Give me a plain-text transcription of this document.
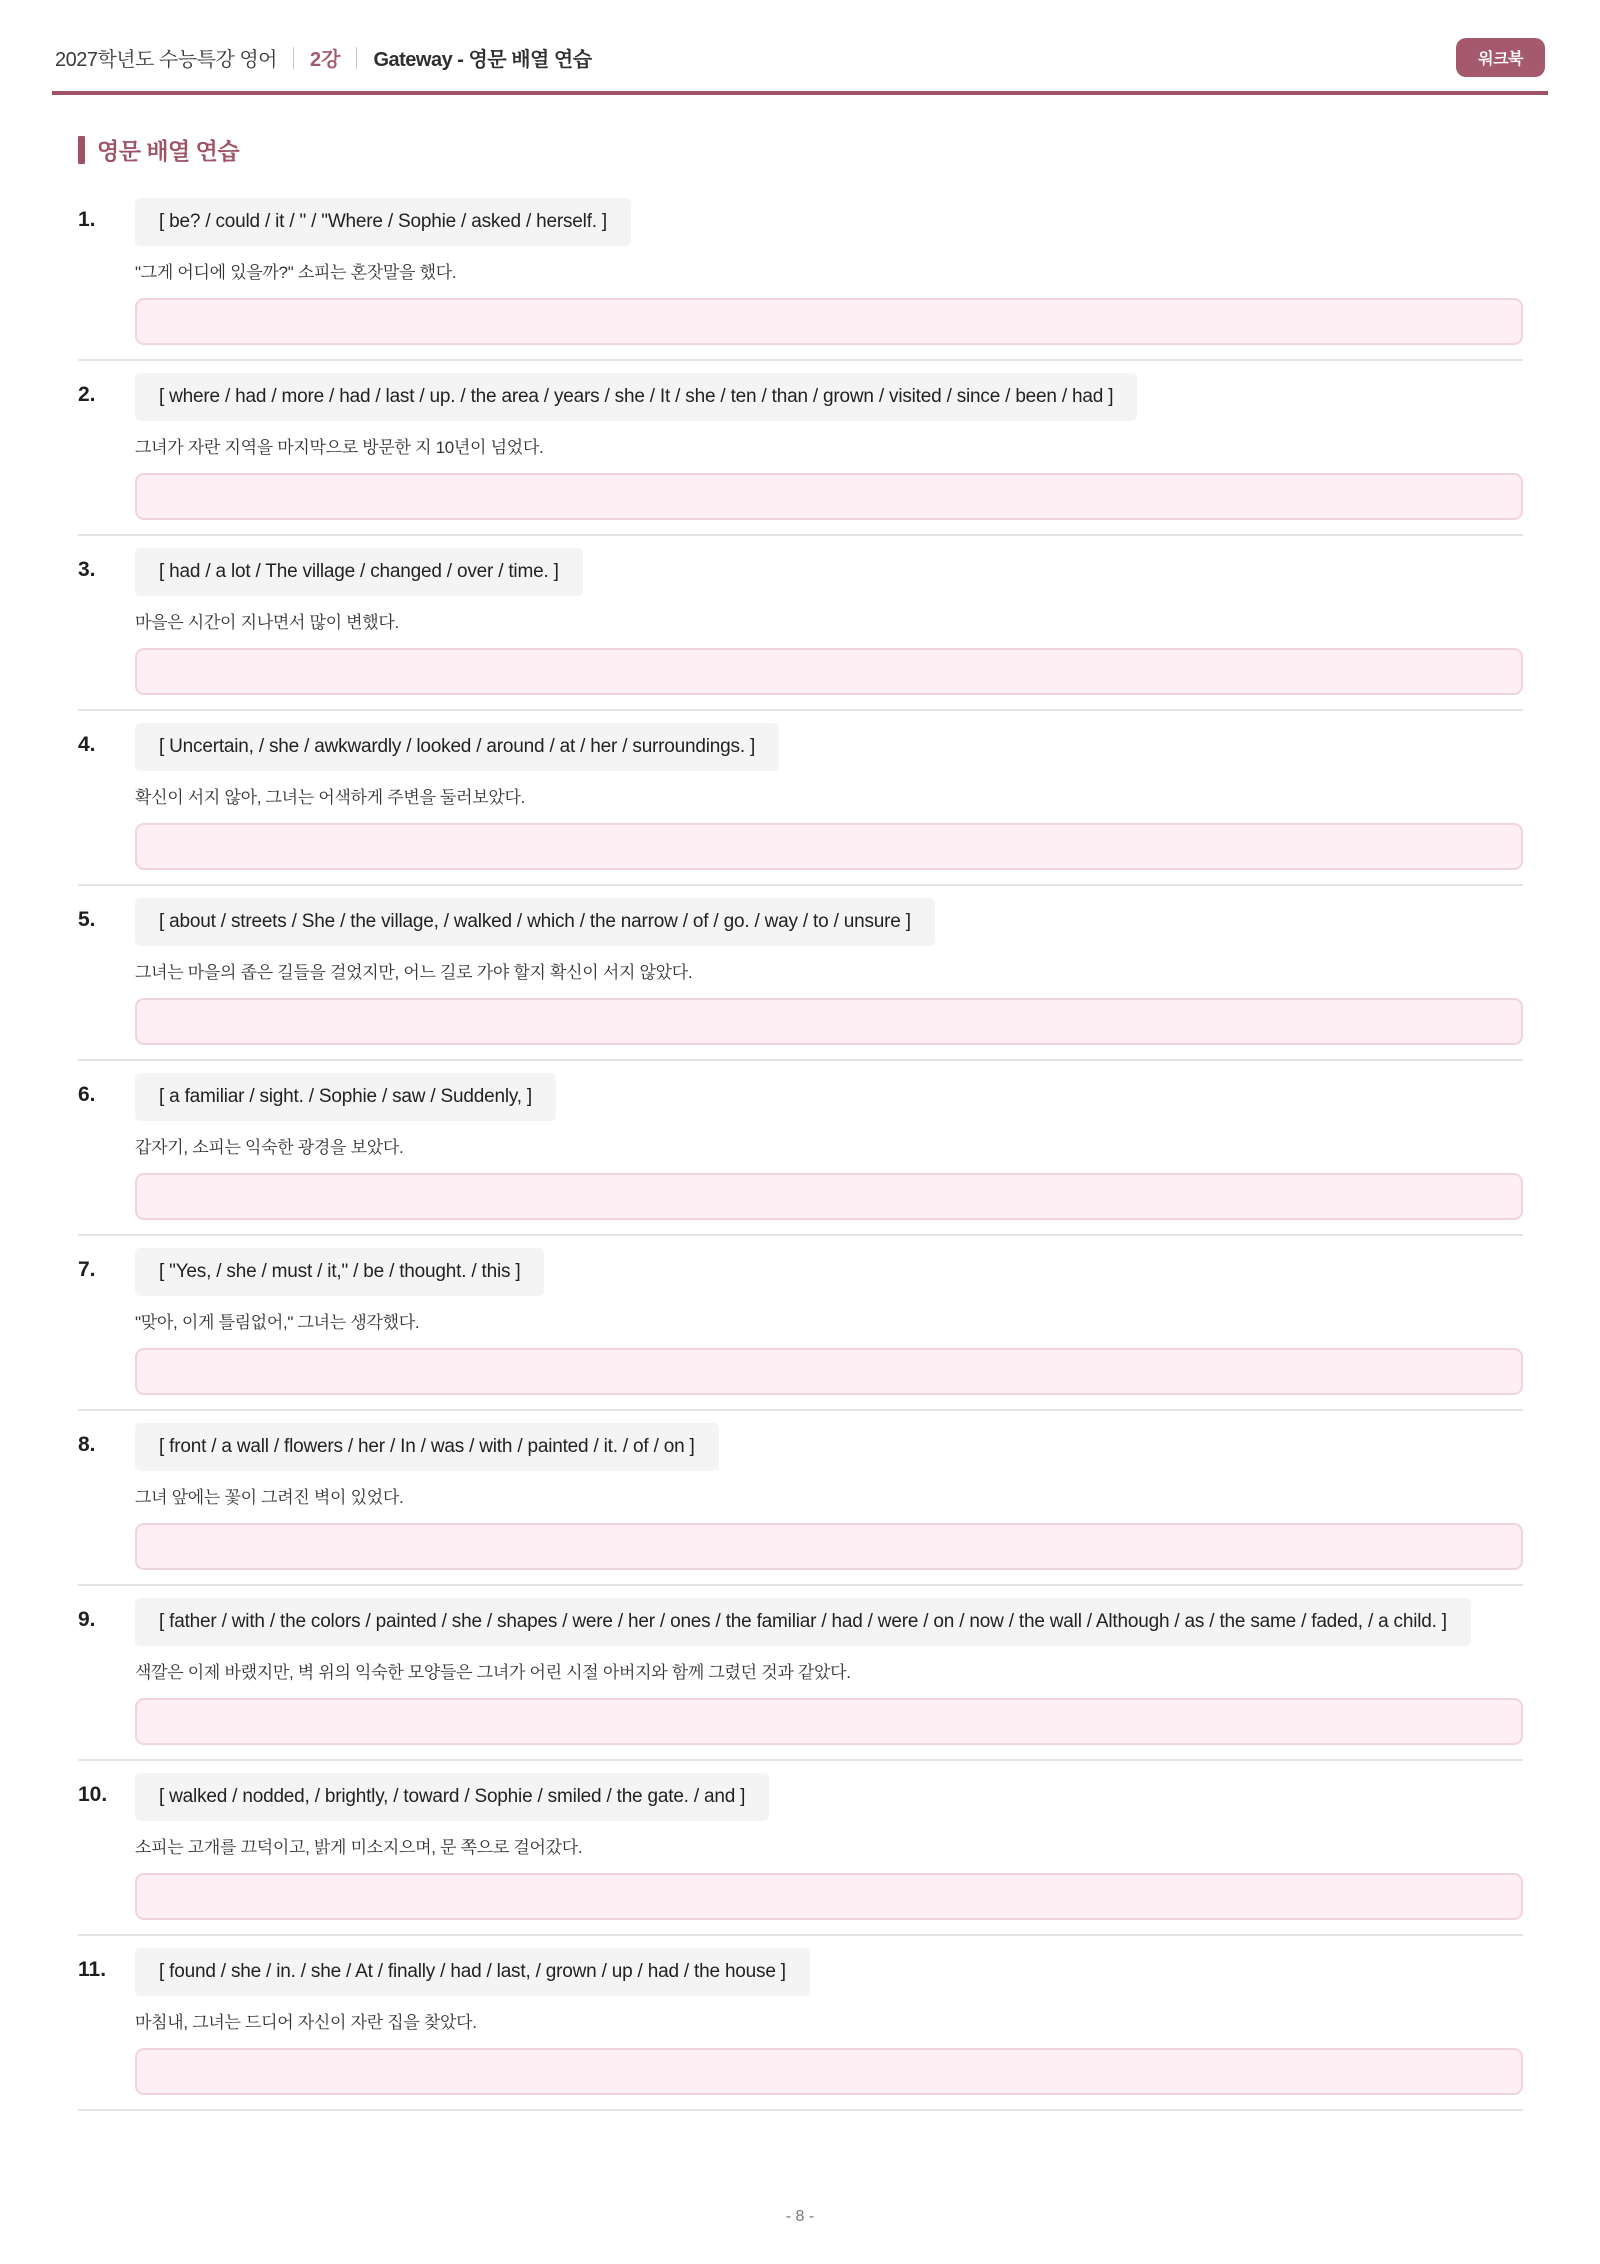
2027학년도 수능특강 영어 2강 Gateway - 영문 배열 연습	워크북
영문 배열 연습
1.	[ be? / could / it / " / "Where / Sophie / asked / herself. ]
"그게 어디에 있을까?" 소피는 혼잣말을 했다.
2.	[ where / had / more / had / last / up. / the area / years / she / It / she / ten / than / grown / visited / since / been / had ]
그녀가 자란 지역을 마지막으로 방문한 지 10년이 넘었다.
3.	[ had / a lot / The village / changed / over / time. ]
마을은 시간이 지나면서 많이 변했다.
4.	[ Uncertain, / she / awkwardly / looked / around / at / her / surroundings. ]
확신이 서지 않아, 그녀는 어색하게 주변을 둘러보았다.
5.	[ about / streets / She / the village, / walked / which / the narrow / of / go. / way / to / unsure ]
그녀는 마을의 좁은 길들을 걸었지만, 어느 길로 가야 할지 확신이 서지 않았다.
6.	[ a familiar / sight. / Sophie / saw / Suddenly, ]
갑자기, 소피는 익숙한 광경을 보았다.
7.	[ "Yes, / she / must / it," / be / thought. / this ]
"맞아, 이게 틀림없어," 그녀는 생각했다.
8.	[ front / a wall / flowers / her / In / was / with / painted / it. / of / on ]
그녀 앞에는 꽃이 그려진 벽이 있었다.
9.	[ father / with / the colors / painted / she / shapes / were / her / ones / the familiar / had / were / on / now / the wall / Although / as / the same / faded, / a child. ]
색깔은 이제 바랬지만, 벽 위의 익숙한 모양들은 그녀가 어린 시절 아버지와 함께 그렸던 것과 같았다.
10.	[ walked / nodded, / brightly, / toward / Sophie / smiled / the gate. / and ]
소피는 고개를 끄덕이고, 밝게 미소지으며, 문 쪽으로 걸어갔다.
11.	[ found / she / in. / she / At / finally / had / last, / grown / up / had / the house ]
마침내, 그녀는 드디어 자신이 자란 집을 찾았다.
- 8 -
